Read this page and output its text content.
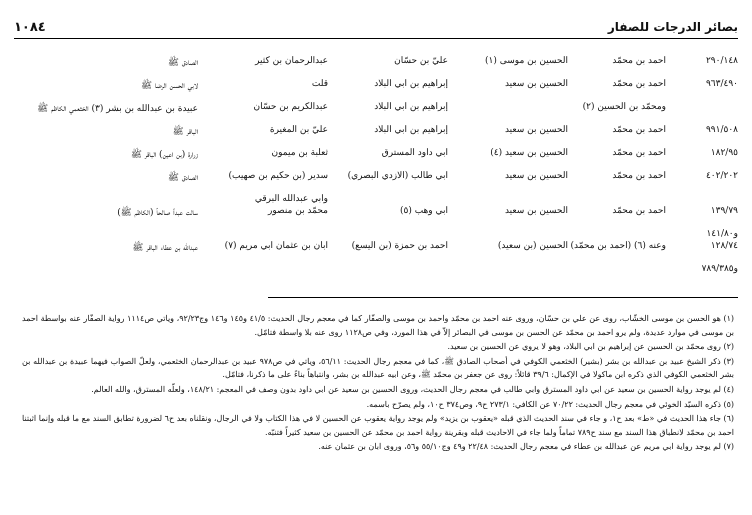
بصائر الدرجات للصفار
١٠٨٤
٢٩٠/١٤٨
احمد بن محمّد
الحسين بن موسى (١)
عليّ بن حسّان
عبدالرحمان بن كثير
الصادق ﷺ
٩٦٣/٤٩٠
احمد بن محمّد
الحسين بن سعيد
إبراهيم بن ابي البلاد
قلت
لابي الحسن الرضا ﷺ
ومحمّد بن الحسين (٢)
إبراهيم بن ابي البلاد
عبدالكريم بن حسّان
عبيدة بن عبدالله بن بشر (٣) الخثعمي الكاظم ﷺ
٩٩١/٥٠٨
احمد بن محمّد
الحسين بن سعيد
إبراهيم بن ابي البلاد
عليّ بن المغيرة
الباقر ﷺ
١٨٢/٩٥
احمد بن محمّد
الحسين بن سعيد (٤)
ابي داود المسترق
ثعلبة بن ميمون
زرارة (بن اعين) الباقر ﷺ
٤٠٢/٢٠٢
احمد بن محمّد
الحسين بن سعيد
ابي طالب (الازدي البصري)
سدير (بن حكيم بن صهيب)
الصادق ﷺ
وابي عبدالله البرقي
١٣٩/٧٩
احمد بن محمّد
الحسين بن سعيد
ابي وهب (٥)
محمّد بن منصور
سالت عبداً صالحاً (الكاظم ﷺ)
و١٤١/٨٠
١٢٨/٧٤
وعنه (٦) (احمد بن محمّد)
الحسين (بن سعيد)
احمد بن حمزة (بن اليسع)
ابان بن عثمان ابي مريم (٧)
عبدالله بن عطاء الباقر ﷺ
و٧٨٩/٣٨٥

(١) هو الحسن بن موسى الخشّاب، روى عن علي بن حسّان، وروى عنه احمد بن محمّد واحمد بن موسى والصفّار كما في معجم رجال الحديث: ٤١/٥ و١٤٥ و١٤٦ وج٩٢/٢٣، وياتي ص١١١٤ رواية الصفّار عنه بواسطة احمد بن موسى في موارد عديدة، ولم يرو احمد بن محمّد عن الحسن بن موسى في البصائر إلاّ في هذا المورد، وفي ص١١٢٨ روى عنه بلا واسطة فتامّل.

(٢) روى محمّد بن الحسين عن إبراهيم بن ابي البلاد، وهو لا يروي عن الحسين بن سعيد.

(٣) ذكر الشيخ عبيد بن عبدالله بن بشر (بشير) الخثعمي الكوفي في أصحاب الصادق ﷺ، كما في معجم رجال الحديث: ٥٦/١١، وياتي في ص٩٧٨ عبيد بن عبدالرحمان الخثعمي، ولعلّ الصواب فيهما عبيدة بن عبدالله بن بشر الخثعمي الكوفي الذي ذكره ابن ماكولا في الإكمال: ٣٩/٦ قائلاً: روى عن جعفر بن محمّد ﷺ، وعن ابيه عبدالله بن بشر، وانتباهاً بناءً على ما ذكرنا، فتامّل.

(٤) لم يوجد رواية الحسين بن سعيد عن ابي داود المسترق وابي طالب في معجم رجال الحديث، وروى الحسين بن سعيد عن ابي داود بدون وصف في المعجم: ١٤٨/٢١، ولعلّه المسترق، والله العالم.

(٥) ذكره السيّد الخوئي في معجم رجال الحديث: ٧٠/٢٢ عن الكافي: ٢٧٣/١ ح٩، وص٣٧٤ ح١٠، ولم يصرّح باسمه.

(٦) جاء هذا الحديث في «ط» بعد ح١، و جاء في سند الحديث الذي قبله «يعقوب بن يزيد» ولم يوجد رواية يعقوب عن الحسين لا في هذا الكتاب ولا في الرجال، ونقلناه بعد ح٦ لضرورة تطابق السند مع ما قبله وإنما اثبتنا احمد بن محمّد لانطباق هذا السند مع سند ح٧٨٩ تماماً ولما جاء في الاحاديث قبله وبقرينة رواية احمد بن محمّد عن الحسين بن سعيد كثيراً فتنبّه.

(٧) لم يوجد رواية ابي مريم عن عبدالله بن عطاء في معجم رجال الحديث: ٢٢/٤٨ و٤٩ وج٥٥/١٠ و٥٦، وروى ابان بن عثمان عنه.
